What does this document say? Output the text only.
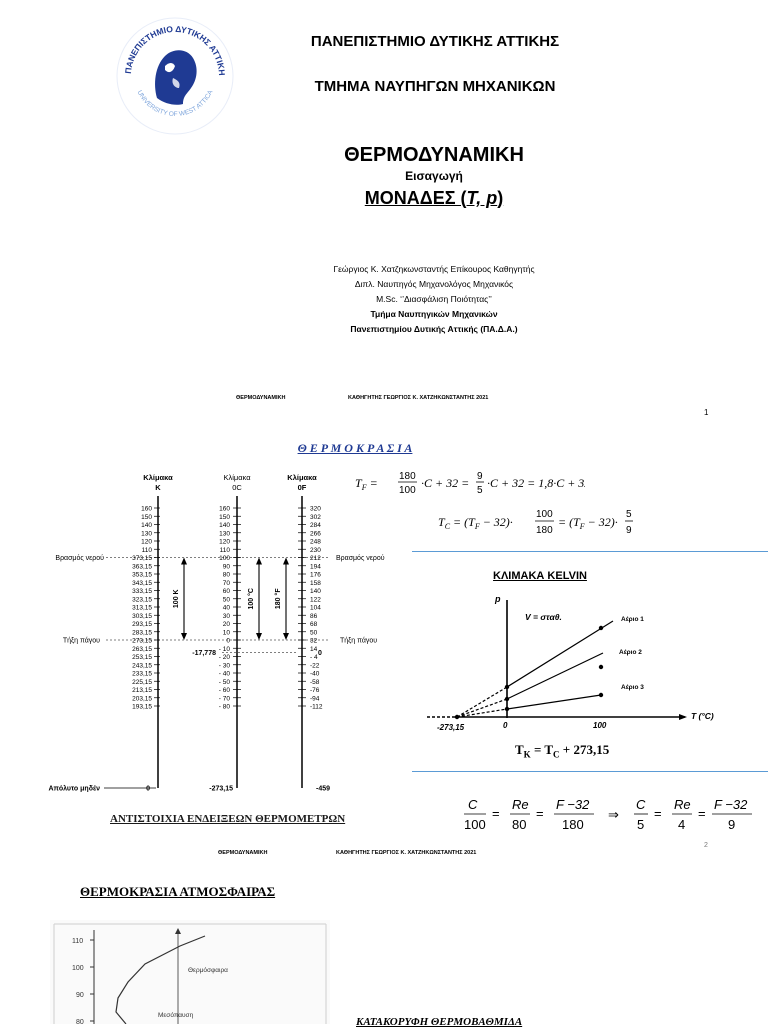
ΠΑΝΕΠΙΣΤΗΜΙΟ ΔΥΤΙΚΗΣ ΑΤΤΙΚΗ
UNIVERSITY OF WEST ATTICA
ΠΑΝΕΠΙΣΤΗΜΙΟ ΔΥΤΙΚΗΣ ΑΤΤΙΚΗΣ
ΤΜΗΜΑ ΝΑΥΠΗΓΩΝ ΜΗΧΑΝΙΚΩΝ
ΘΕΡΜΟΔΥΝΑΜΙΚΗ
Εισαγωγή
ΜΟΝΑΔΕΣ (T, p)
Γεώργιος Κ. Χατζηκωνσταντής Επίκουρος Καθηγητής
Διπλ. Ναυπηγός Μηχανολόγος Μηχανικός
M.Sc. ‘’Διασφάλιση Ποιότητας’’
Τμήμα Ναυπηγικών Μηχανικών
Πανεπιστημίου Δυτικής Αττικής (ΠΑ.Δ.Α.)
ΘΕΡΜΟΔΥΝΑΜΙΚΗ	ΚΑΘΗΓΗΤΗΣ ΓΕΩΡΓΙΟΣ Κ. ΧΑΤΖΗΚΩΝΣΤΑΝΤΗΣ 2021
1
Θ Ε Ρ Μ Ο Κ Ρ Α Σ Ι Α
Κλίμακα
K
Κλίμακα
0C
Κλίμακα
0F
160	160	320
150	150	302
140	140	284
130	130	266
120	120	248
110	110	230
373,15	100	212
363,15	90	194
353,15	80	176
343,15	70	158
333,15	60	140
323,15	50	122
313,15	40	104
303,15	30	86
293,15	20	68
283,15	10	50
273,15	0	32
263,15	- 10	14
253,15	- 20	- 4
243,15	- 30	-22
233,15	- 40	-40
225,15	- 50	-58
213,15	- 60	-76
203,15	- 70	-94
193,15	- 80	-112
Βρασμός νερού	Βρασμός νερού
Τήξη πάγου	Τήξη πάγου
100 K	100 °C	180 °F
-17,778	0
Απόλυτο μηδέν	0	-273,15	-459
$T_F = 180$
100
·C + 32 = 9
5
·C + 32 = 1,8·C + 32
$T_C = (T_F - 32)\cdot$
100
180
= $(T_F - 32)\cdot$
5
9
ΚΛΙΜΑΚΑ KELVIN
p
V = σταθ.	Αέριο 1
Αέριο 2
Αέριο 3
T (°C)
-273,15	0	100
$T_K = T_C + 273,15$
ΑΝΤΙΣΤΟΙΧΙΑ ΕΝΔΕΙΞΕΩΝ ΘΕΡΜΟΜΕΤΡΩΝ
C
100
=
Re
80
=
F −32
180
⇒
C
5
=
Re
4
=
F −32
9
ΘΕΡΜΟΔΥΝΑΜΙΚΗ	ΚΑΘΗΓΗΤΗΣ ΓΕΩΡΓΙΟΣ Κ. ΧΑΤΖΗΚΩΝΣΤΑΝΤΗΣ 2021
2
ΘΕΡΜΟΚΡΑΣΙΑ ΑΤΜΟΣΦΑΙΡΑΣ
110
100
90
80
Θερμόσφαιρα
Μεσόπαυση
ΚΑΤΑΚΟΡΥΦΗ ΘΕΡΜΟΒΑΘΜΙΔΑ
